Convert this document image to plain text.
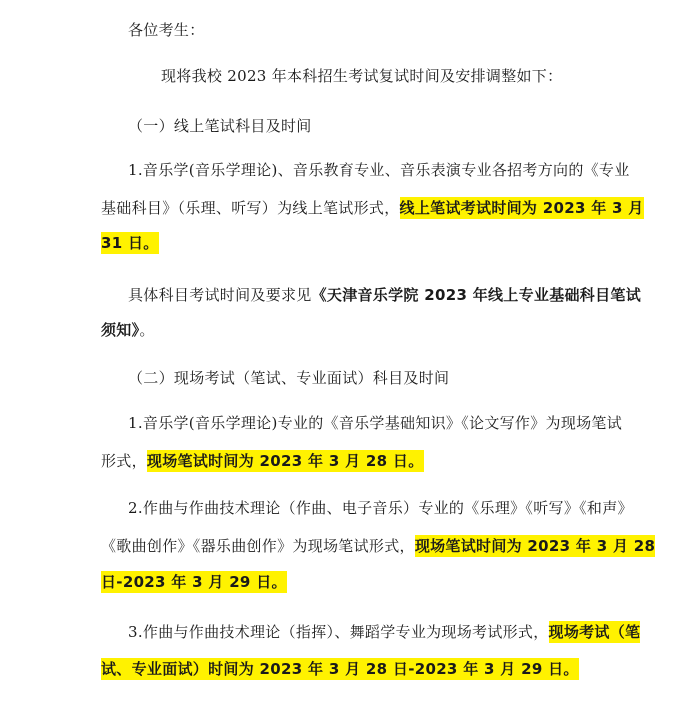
各位考生：
现将我校 2023 年本科招生考试复试时间及安排调整如下：
（一）线上笔试科目及时间
1.音乐学(音乐学理论)、音乐教育专业、音乐表演专业各招考方向的《专业
基础科目》（乐理、听写）为线上笔试形式，线上笔试考试时间为 2023 年 3 月
31 日。
具体科目考试时间及要求见《天津音乐学院 2023 年线上专业基础科目笔试
须知》。
（二）现场考试（笔试、专业面试）科目及时间
1.音乐学(音乐学理论)专业的《音乐学基础知识》《论文写作》为现场笔试
形式，现场笔试时间为 2023 年 3 月 28 日。
2.作曲与作曲技术理论（作曲、电子音乐）专业的《乐理》《听写》《和声》
《歌曲创作》《器乐曲创作》为现场笔试形式，现场笔试时间为 2023 年 3 月 28
日-2023 年 3 月 29 日。
3.作曲与作曲技术理论（指挥）、舞蹈学专业为现场考试形式，现场考试（笔
试、专业面试）时间为 2023 年 3 月 28 日-2023 年 3 月 29 日。
